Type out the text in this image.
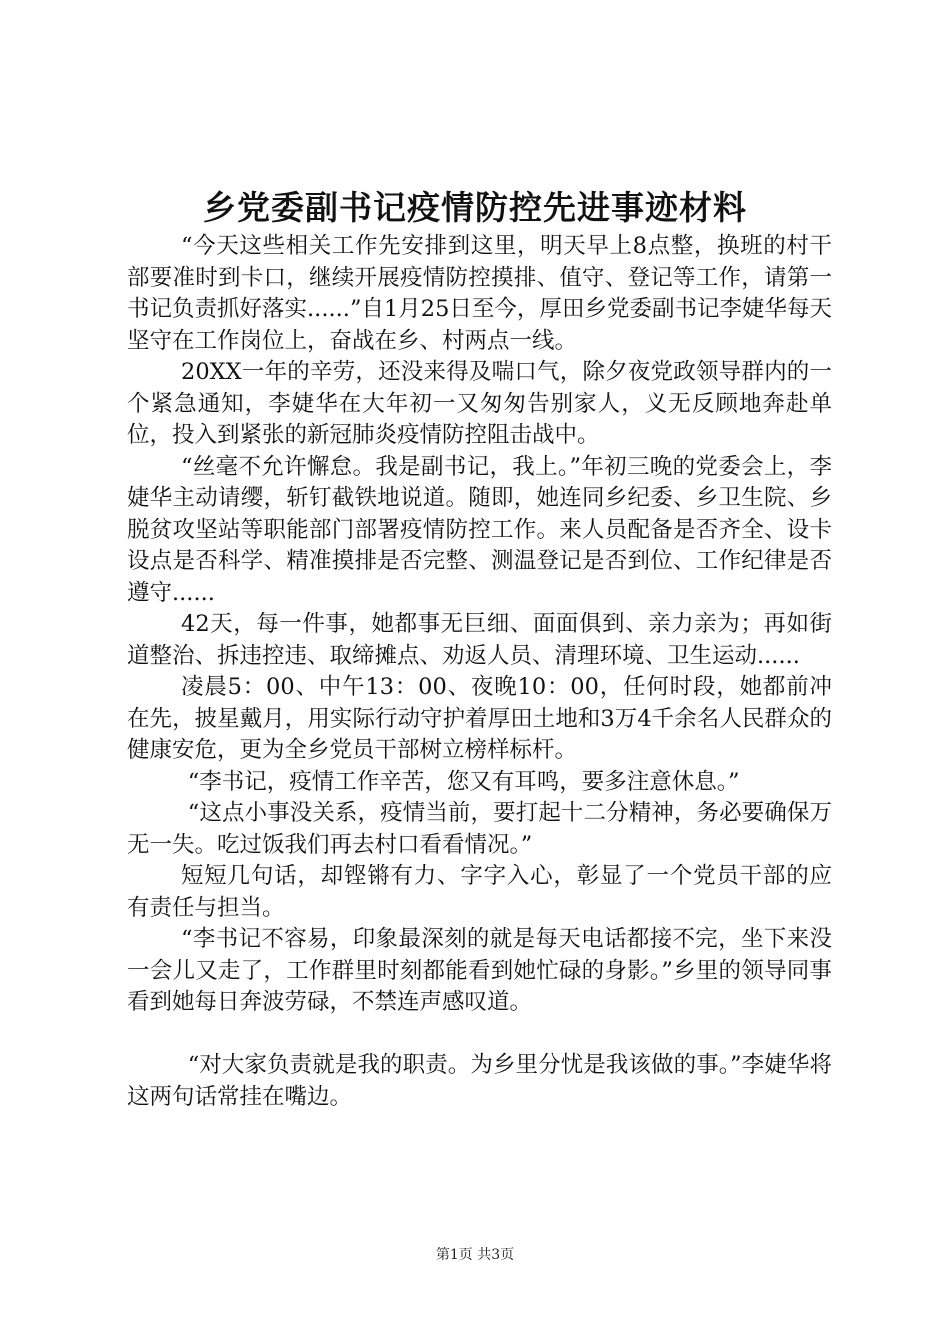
乡党委副书记疫情防控先进事迹材料

“今天这些相关工作先安排到这里，明天早上8点整，换班的村干部要准时到卡口，继续开展疫情防控摸排、值守、登记等工作，请第一书记负责抓好落实......”自1月25日至今，厚田乡党委副书记李婕华每天坚守在工作岗位上，奋战在乡、村两点一线。

20XX一年的辛劳，还没来得及喘口气，除夕夜党政领导群内的一个紧急通知，李婕华在大年初一又匆匆告别家人，义无反顾地奔赴单位，投入到紧张的新冠肺炎疫情防控阻击战中。

“丝毫不允许懈怠。我是副书记，我上。”年初三晚的党委会上，李婕华主动请缨，斩钉截铁地说道。随即，她连同乡纪委、乡卫生院、乡脱贫攻坚站等职能部门部署疫情防控工作。来人员配备是否齐全、设卡设点是否科学、精准摸排是否完整、测温登记是否到位、工作纪律是否遵守......

42天，每一件事，她都事无巨细、面面俱到、亲力亲为；再如街道整治、拆违控违、取缔摊点、劝返人员、清理环境、卫生运动......

凌晨5：00、中午13：00、夜晚10：00，任何时段，她都前冲在先，披星戴月，用实际行动守护着厚田土地和3万4千余名人民群众的健康安危，更为全乡党员干部树立榜样标杆。

“李书记，疫情工作辛苦，您又有耳鸣，要多注意休息。”

“这点小事没关系，疫情当前，要打起十二分精神，务必要确保万无一失。吃过饭我们再去村口看看情况。”

短短几句话，却铿锵有力、字字入心，彰显了一个党员干部的应有责任与担当。

“李书记不容易，印象最深刻的就是每天电话都接不完，坐下来没一会儿又走了，工作群里时刻都能看到她忙碌的身影。”乡里的领导同事看到她每日奔波劳碌，不禁连声感叹道。

“对大家负责就是我的职责。为乡里分忧是我该做的事。”李婕华将这两句话常挂在嘴边。

第1页 共3页
